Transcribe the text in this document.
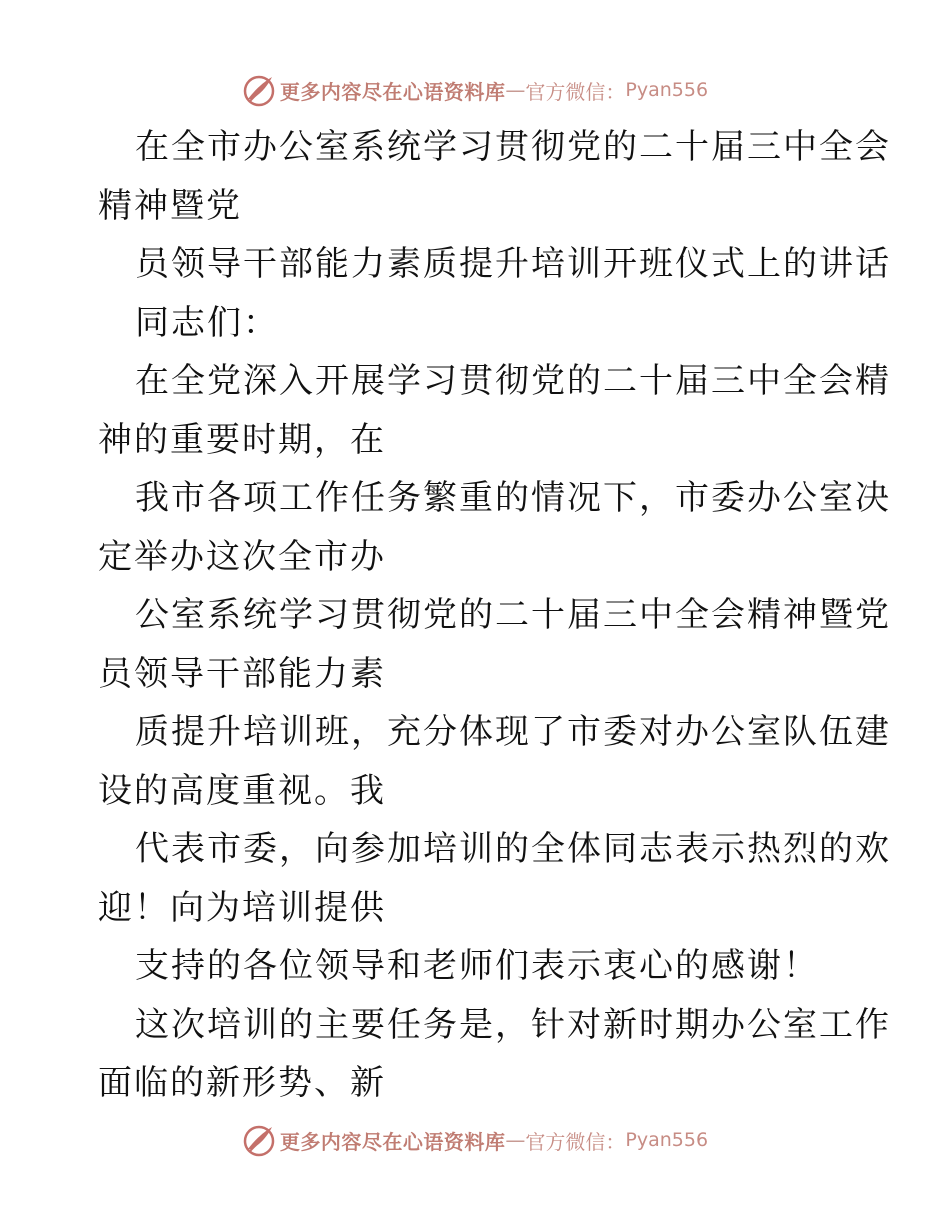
更多内容尽在心语资料库 — 官方微信： Pyan556
在全市办公室系统学习贯彻党的二十届三中全会
精神暨党
员领导干部能力素质提升培训开班仪式上的讲话
同志们：
在全党深入开展学习贯彻党的二十届三中全会精
神的重要时期，在
我市各项工作任务繁重的情况下，市委办公室决
定举办这次全市办
公室系统学习贯彻党的二十届三中全会精神暨党
员领导干部能力素
质提升培训班，充分体现了市委对办公室队伍建
设的高度重视。我
代表市委，向参加培训的全体同志表示热烈的欢
迎！向为培训提供
支持的各位领导和老师们表示衷心的感谢！
这次培训的主要任务是，针对新时期办公室工作
面临的新形势、新
更多内容尽在心语资料库 — 官方微信： Pyan556
